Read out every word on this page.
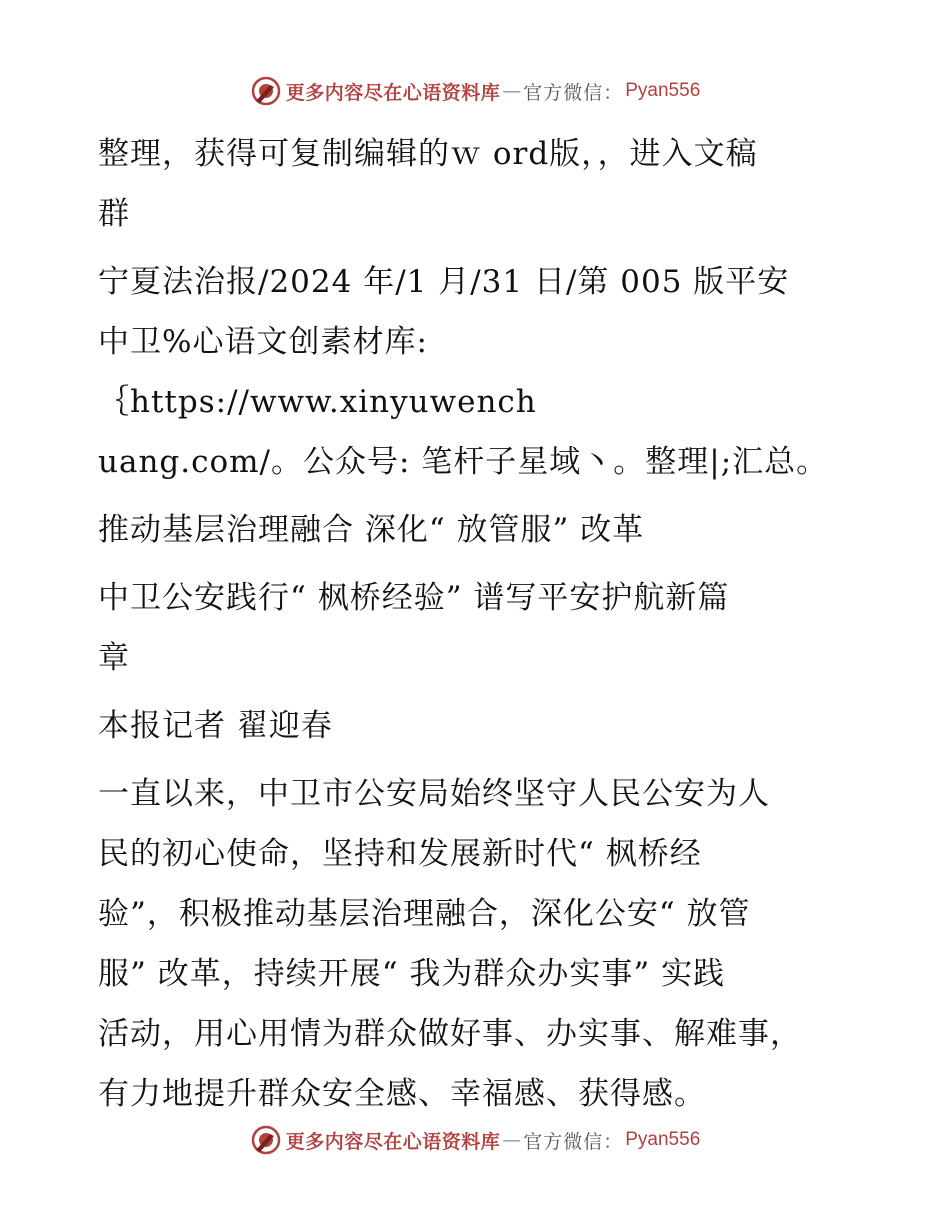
更多内容尽在心语资料库 — 官方微信： Pyan556
整理，获得可复制编辑的ｗ ord版，，进入文稿
群
宁夏法治报/2024 年/1 月/31 日/第 005 版平安
中卫%心语文创素材库:｛https://www.xinyuwench
uang.com/。公众号: 笔杆子星域丶。整理|;汇总。
推动基层治理融合 深化“ 放管服” 改革
中卫公安践行“ 枫桥经验” 谱写平安护航新篇
章
本报记者 翟迎春
一直以来，中卫市公安局始终坚守人民公安为人
民的初心使命，坚持和发展新时代“ 枫桥经
验”，积极推动基层治理融合，深化公安“ 放管
服” 改革，持续开展“ 我为群众办实事” 实践
活动，用心用情为群众做好事、办实事、解难事，
有力地提升群众安全感、幸福感、获得感。
更多内容尽在心语资料库 — 官方微信： Pyan556
